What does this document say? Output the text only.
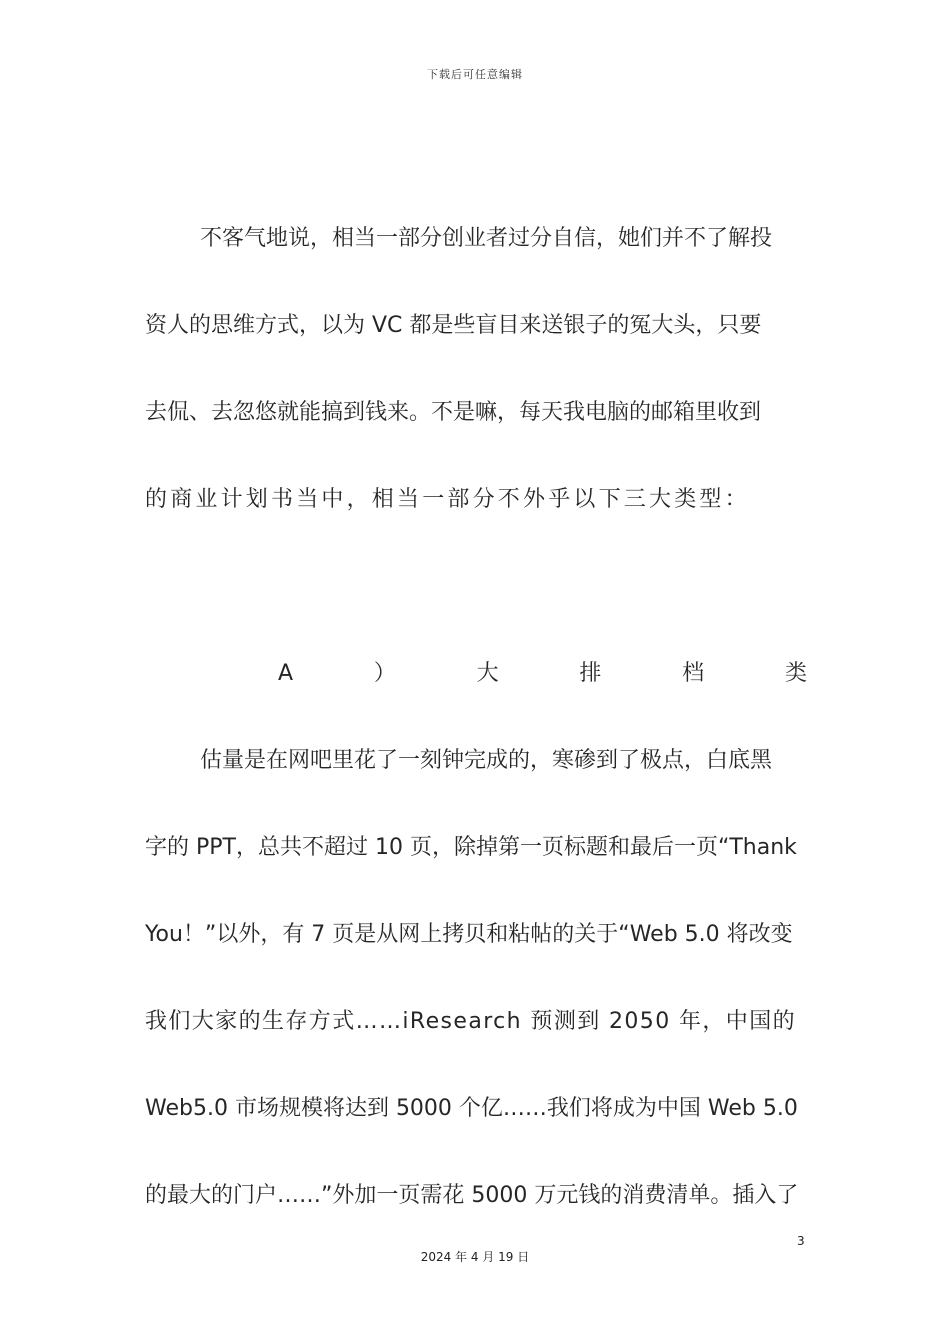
下载后可任意编辑
不客气地说，相当一部分创业者过分自信，她们并不了解投
资人的思维方式，以为 VC 都是些盲目来送银子的冤大头，只要
去侃、去忽悠就能搞到钱来。不是嘛，每天我电脑的邮箱里收到
的商业计划书当中，相当一部分不外乎以下三大类型：
估量是在网吧里花了一刻钟完成的，寒碜到了极点，白底黑
字的 PPT，总共不超过 10 页，除掉第一页标题和最后一页“Thank
You！”以外，有 7 页是从网上拷贝和粘帖的关于“Web 5.0 将改变
我们大家的生存方式……iResearch 预测到 2050 年，中国的
Web5.0 市场规模将达到 5000 个亿……我们将成为中国 Web 5.0
的最大的门户……”外加一页需花 5000 万元钱的消费清单。插入了
A	）	大	排	档	类
3
2024 年 4 月 19 日
